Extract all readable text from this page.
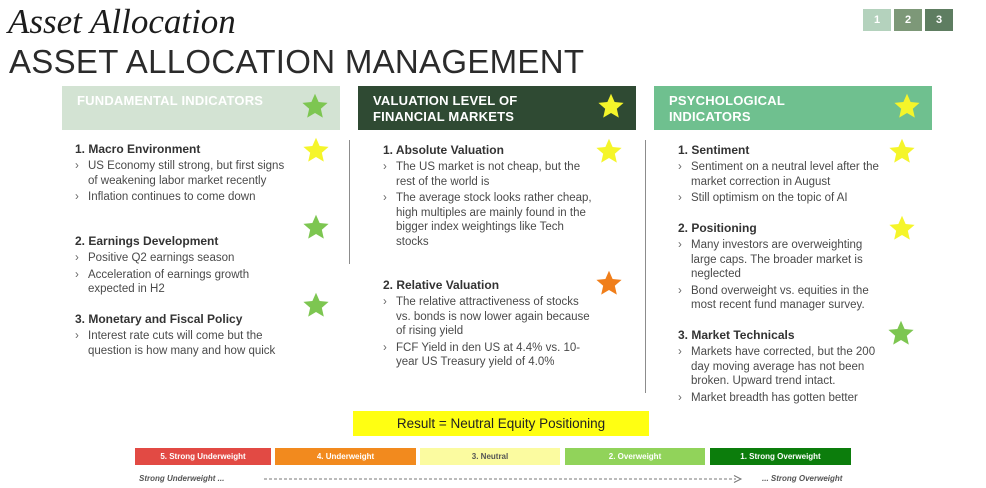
Asset Allocation
ASSET ALLOCATION MANAGEMENT
1	2	3
FUNDAMENTAL INDICATORS
1. Macro Environment
› US Economy still strong, but first signs of weakening labor market recently
› Inflation continues to come down
2. Earnings Development
› Positive Q2 earnings season
› Acceleration of earnings growth expected in H2
3. Monetary and Fiscal Policy
› Interest rate cuts will come but the question is how many and how quick
VALUATION LEVEL OF FINANCIAL MARKETS
1. Absolute Valuation
› The US market is not cheap, but the rest of the world is
› The average stock looks rather cheap, high multiples are mainly found in the bigger index weightings like Tech stocks
2. Relative Valuation
› The relative attractiveness of stocks vs. bonds is now lower again because of rising yield
› FCF Yield in den US at 4.4% vs. 10-year US Treasury yield of 4.0%
PSYCHOLOGICAL INDICATORS
1. Sentiment
› Sentiment on a neutral level after the market correction in August
› Still optimism on the topic of AI
2. Positioning
› Many investors are overweighting large caps. The broader market is neglected
› Bond overweight vs. equities in the most recent fund manager survey.
3. Market Technicals
› Markets have corrected, but the 200 day moving average has not been broken. Upward trend intact.
› Market breadth has gotten better
Result = Neutral Equity Positioning
5. Strong Underweight	4. Underweight	3. Neutral	2. Overweight	1. Strong Overweight
Strong Underweight ...	... Strong Overweight
